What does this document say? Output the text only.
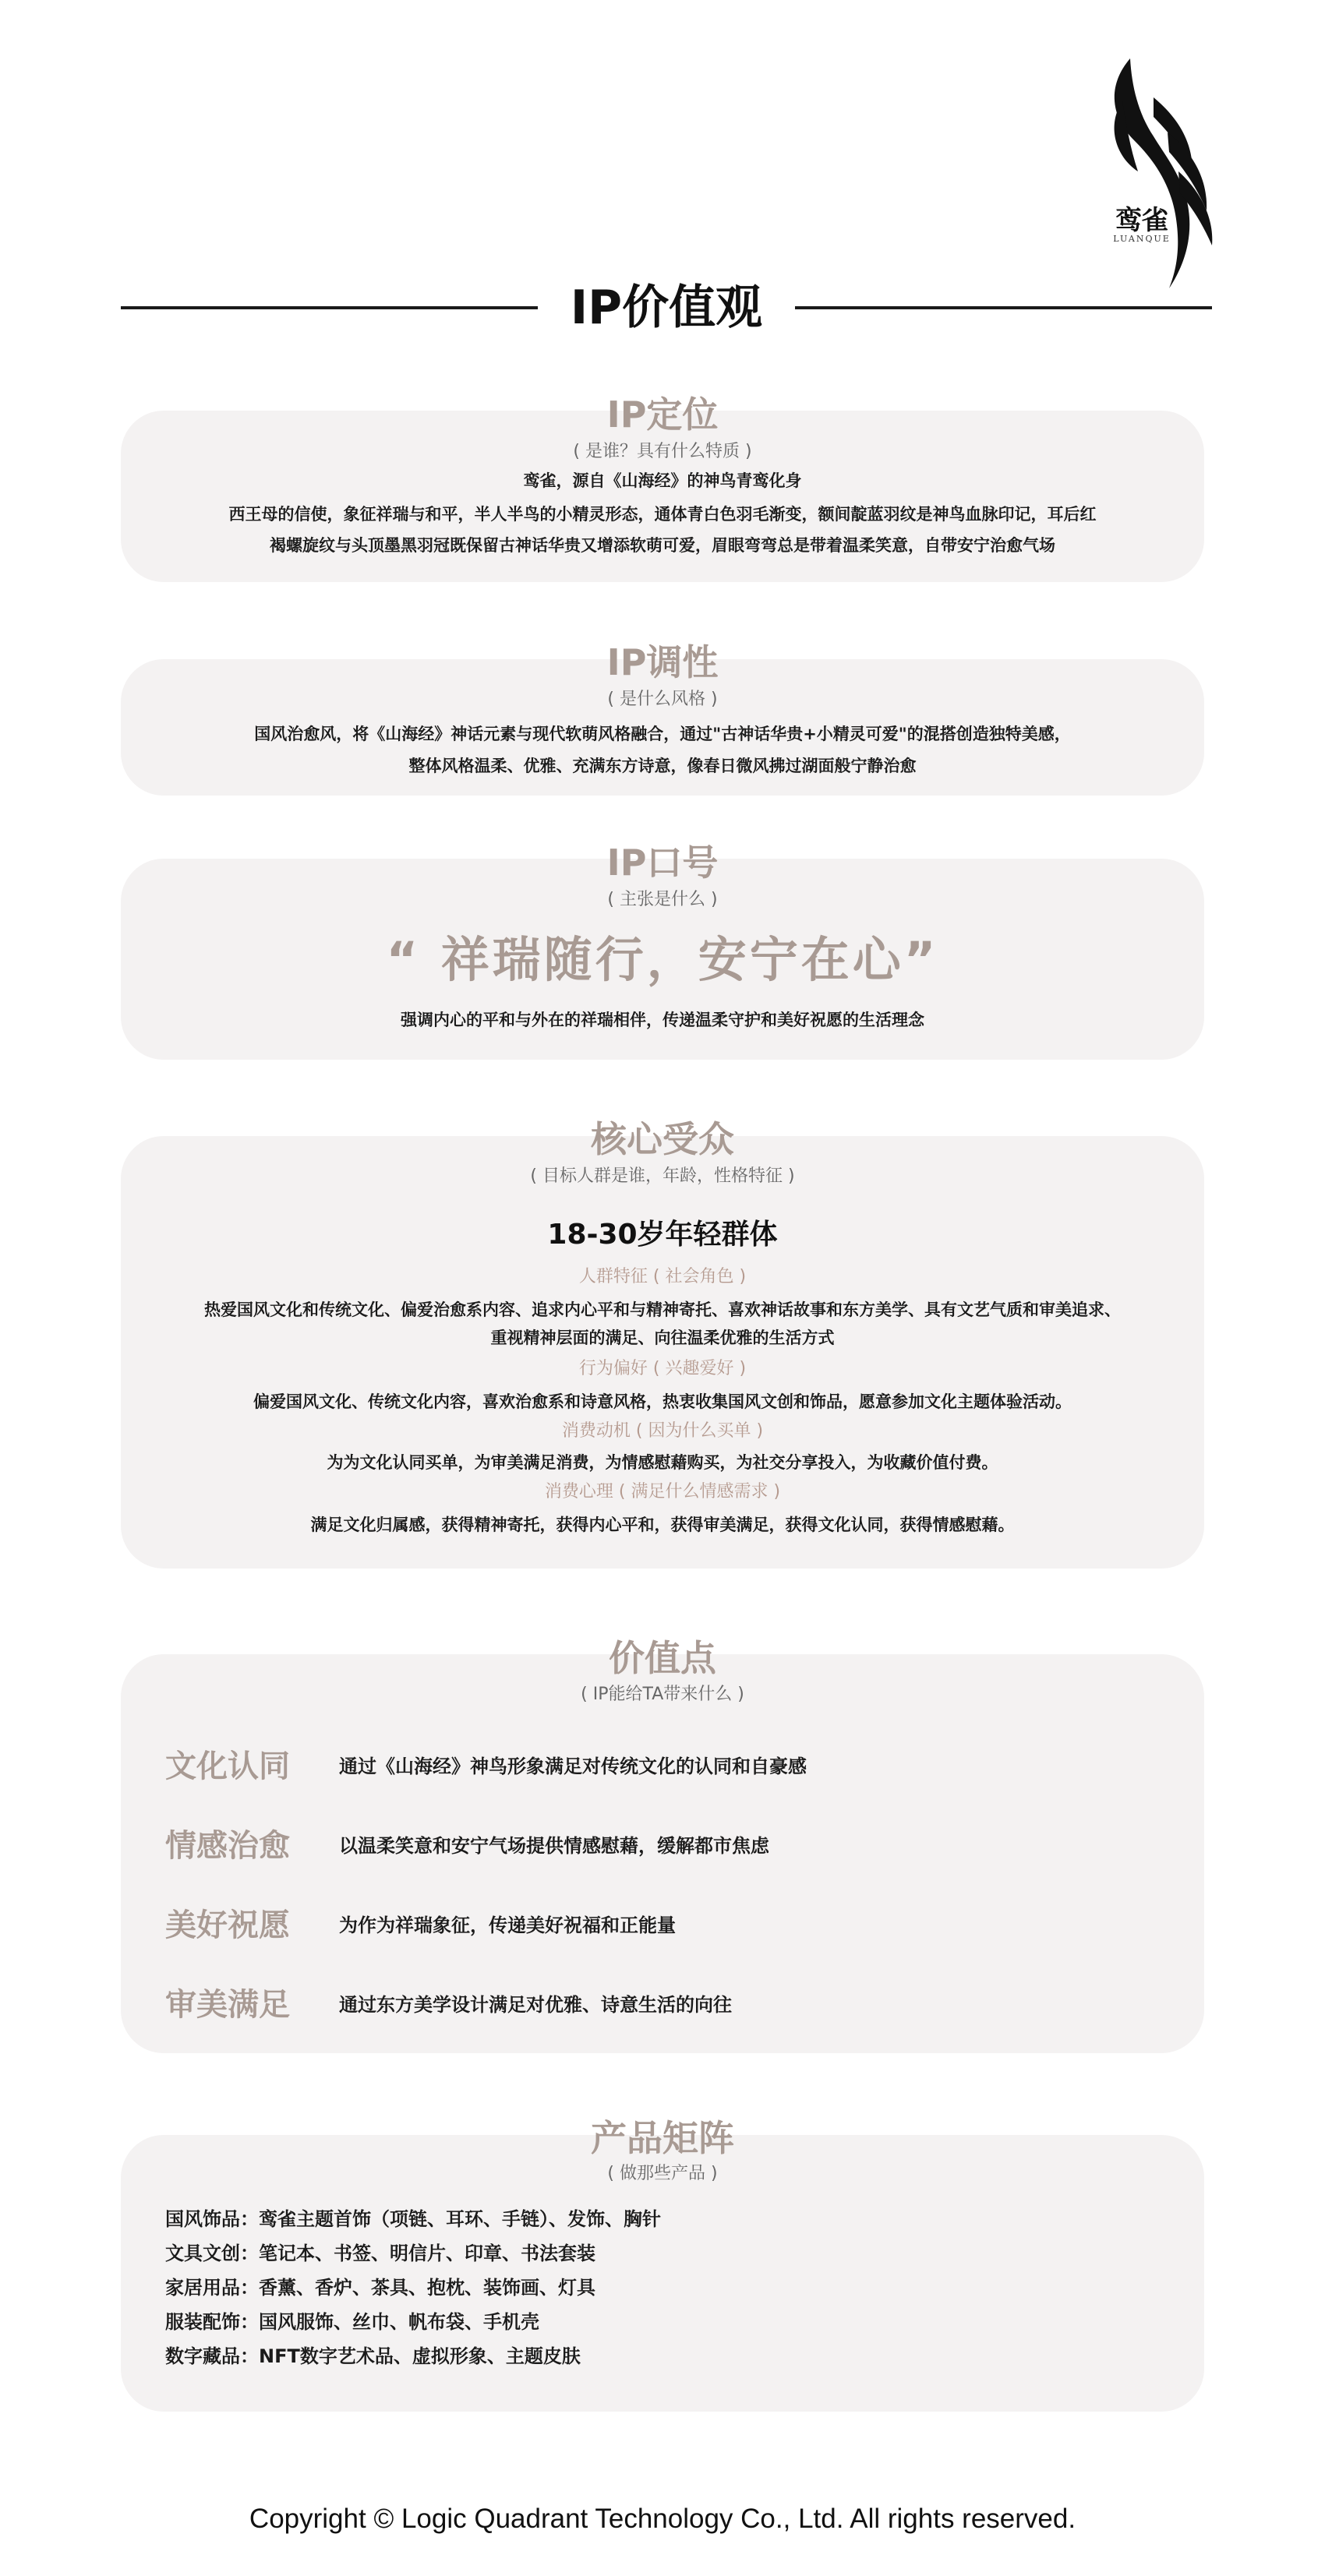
鸾雀
LUANQUE
IP价值观
IP定位
( 是谁？具有什么特质 )
鸾雀，源自《山海经》的神鸟青鸾化身
西王母的信使，象征祥瑞与和平，半人半鸟的小精灵形态，通体青白色羽毛渐变，额间靛蓝羽纹是神鸟血脉印记，耳后红
褐螺旋纹与头顶墨黑羽冠既保留古神话华贵又增添软萌可爱，眉眼弯弯总是带着温柔笑意，自带安宁治愈气场
IP调性
( 是什么风格 )
国风治愈风，将《山海经》神话元素与现代软萌风格融合，通过"古神话华贵+小精灵可爱"的混搭创造独特美感，
整体风格温柔、优雅、充满东方诗意，像春日微风拂过湖面般宁静治愈
IP口号
( 主张是什么 )
“ 祥瑞随行，安宁在心”
强调内心的平和与外在的祥瑞相伴，传递温柔守护和美好祝愿的生活理念
核心受众
( 目标人群是谁，年龄，性格特征 )
18-30岁年轻群体
人群特征 ( 社会角色 )
热爱国风文化和传统文化、偏爱治愈系内容、追求内心平和与精神寄托、喜欢神话故事和东方美学、具有文艺气质和审美追求、
重视精神层面的满足、向往温柔优雅的生活方式
行为偏好 ( 兴趣爱好 )
偏爱国风文化、传统文化内容，喜欢治愈系和诗意风格，热衷收集国风文创和饰品，愿意参加文化主题体验活动。
消费动机 ( 因为什么买单 )
为为文化认同买单，为审美满足消费，为情感慰藉购买，为社交分享投入，为收藏价值付费。
消费心理 ( 满足什么情感需求 )
满足文化归属感，获得精神寄托，获得内心平和，获得审美满足，获得文化认同，获得情感慰藉。
价值点
( IP能给TA带来什么 )
文化认同	通过《山海经》神鸟形象满足对传统文化的认同和自豪感
情感治愈	以温柔笑意和安宁气场提供情感慰藉，缓解都市焦虑
美好祝愿	为作为祥瑞象征，传递美好祝福和正能量
审美满足	通过东方美学设计满足对优雅、诗意生活的向往
产品矩阵
( 做那些产品 )
国风饰品：鸾雀主题首饰（项链、耳环、手链）、发饰、胸针
文具文创：笔记本、书签、明信片、印章、书法套装
家居用品：香薰、香炉、茶具、抱枕、装饰画、灯具
服装配饰：国风服饰、丝巾、帆布袋、手机壳
数字藏品：NFT数字艺术品、虚拟形象、主题皮肤
Copyright © Logic Quadrant Technology Co., Ltd. All rights reserved.
